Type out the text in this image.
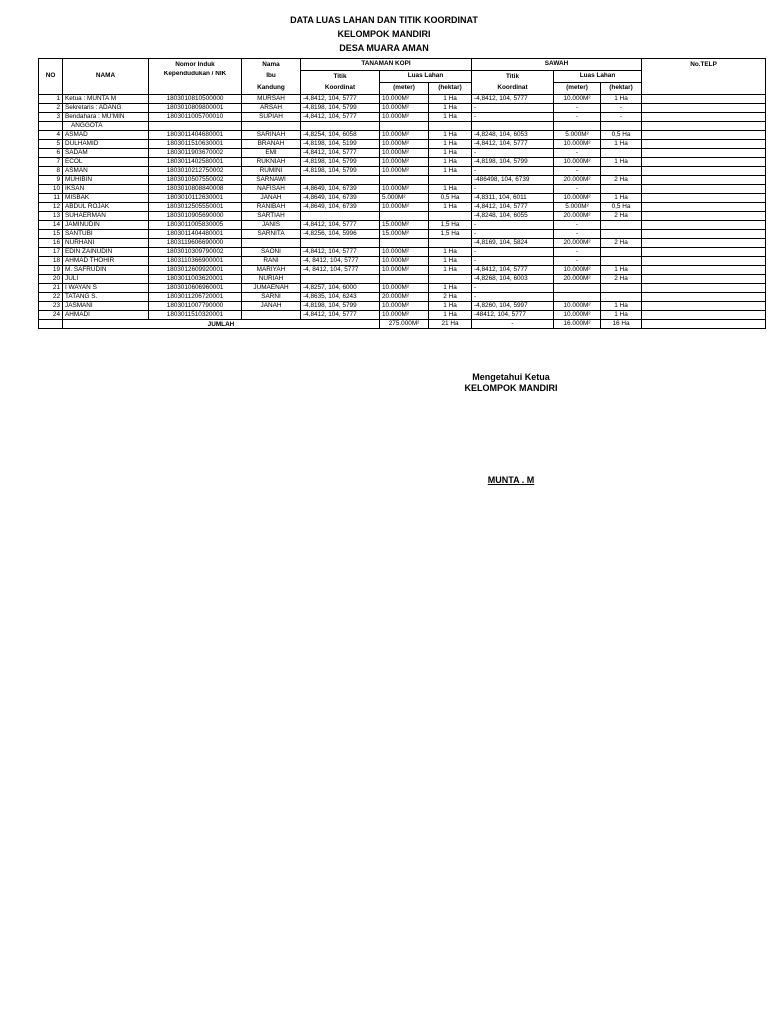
DATA LUAS LAHAN DAN TITIK KOORDINAT
KELOMPOK MANDIRI
DESA MUARA AMAN
NO	NAMA	Nomor Induk	Nama	TANAMAN KOPI			SAWAH			No.TELP
		Kependudukan / NIK	Ibu	Titik	Luas Lahan		Titik	Luas Lahan		
			Kandung	Koordinat	(meter)	(hektar)	Koordinat	(meter)	(hektar)	

1	Ketua : MUNTA M	1803010810500000	MURSAH	-4,8412, 104, 5777	10.000M²	1 Ha	-4,8412, 104, 5777	10.000M²	1 Ha	
2	Sekretaris : ADANG	1803010809800001	ARSAH	-4,8198, 104, 5799	10.000M²	1 Ha	-	-	-	
3	Bendahara : MU'MIN	1803011005700010	SUPIAH	-4,8412, 104, 5777	10.000M²	1 Ha	-	-	-	
	ANGGOTA									
4	ASMAD	1803011404680001	SARINAH	-4,8254, 104, 6058	10.000M²	1 Ha	-4,8248, 104, 6053	5.000M²	0,5 Ha	
5	DULHAMID	1803011510630001	BRANAH	-4,8198, 104, 5199	10.000M²	1 Ha	-4,8412, 104, 5777	10.000M²	1 Ha	
6	SADAM	1803011903670002	EMI	-4,8412, 104, 5777	10.000M²	1 Ha	-	-		
7	ECOL	1803011402580001	RUKNIAH	-4,8198, 104, 5799	10.000M²	1 Ha	-4,8198, 104, 5799	10.000M²	1 Ha	
8	ASMAN	1803010212750002	RUMINI	-4,8198, 104, 5799	10.000M²	1 Ha	-	-		
9	MUHIBIN	1803010507550002	SARNAWI				-486498, 104, 6739	20.000M²	2 Ha	
10	IKSAN	1803010808840008	NAFISAH	-4,8649, 104, 6739	10.000M²	1 Ha	-	-		
11	MISBAK	1803010112630001	JANAH	-4,8649, 104, 6739	5.000M²	0,5 Ha	-4,8311, 104, 6011	10.000M²	1 Ha	
12	ABDUL ROJAK	1803012505550001	RANIBAH	-4,8649, 104, 6739	10.000M²	1 Ha	-4,8412, 104, 5777	5.000M²	0,5 Ha	
13	SUHAERMAN	1803010905690000	SARTIAH				-4,8248, 104, 6055	20.000M²	2 Ha	
14	JAMINUDIN	1803011005830005	JANIS	-4,8412, 104, 5777	15.000M²	1,5 Ha	-	-		
15	SANTUBI	1803011404480001	SARNITA	-4,8256, 104, 5996	15.000M²	1,5 Ha	-	-		
16	NURHANI	1803119606690000					-4,8169, 104, 5824	20.000M²	2 Ha	
17	EDIN ZAINUDIN	1803010309790002	SAONI	-4,8412, 104, 5777	10.000M²	1 Ha	-	-		
18	AHMAD THOHIR	1803110366900001	RANI	-4, 8412, 104, 5777	10.000M²	1 Ha	-	-		
19	M. SAFRUDIN	1803012609920001	MARIYAH	-4, 8412, 104, 5777	10.000M²	1 Ha	-4,8412, 104, 5777	10.000M²	1 Ha	
20	JULI	1803011003620001	NURIAH				-4,8268, 104, 6003	20.000M²	2 Ha	
21	I WAYAN S	1803010606960001	JUMAENAH	-4,8257, 104, 6000	10.000M²	1 Ha	-			
22	TATANG S.	1803011206720001	SARNI	-4,8635, 104, 6243	20.000M²	2 Ha	-			
23	JASMANI	1803011007790000	JANAH	-4,8198, 104, 5799	10.000M²	1 Ha	-4,8260, 104, 5997	10.000M²	1 Ha	
24	AHMADI	1803011510320001		-4,8412, 104, 5777	10.000M²	1 Ha	-48412, 104, 5777	10.000M²	1 Ha	
	JUMLAH				275.000M²	21 Ha	-	16.000M²	16 Ha	
Mengetahui Ketua
KELOMPOK MANDIRI
MUNTA . M
